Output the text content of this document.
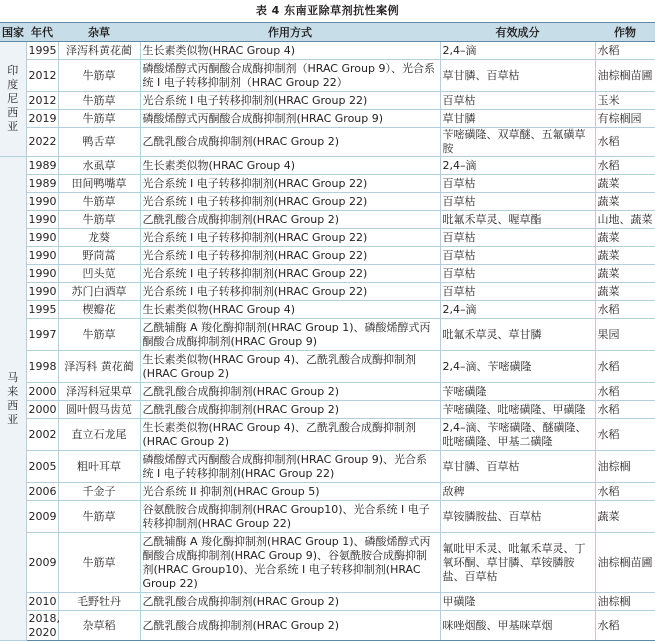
表 4 东南亚除草剂抗性案例
国家	年代	杂草	作用方式	有效成分	作物
印度尼西亚	1995	泽泻科黄花蔺	生长素类似物(HRAC Group 4)	2,4–滴	水稻
	2012	牛筋草	磷酸烯醇式丙酮酸合成酶抑制剂（HRAC Group 9）、光合系统 I 电子转移抑制剂（HRAC Group 22）	草甘膦、百草枯	油棕榈苗圃
	2012	牛筋草	光合系统 I 电子转移抑制剂(HRAC Group 22)	百草枯	玉米
	2019	牛筋草	磷酸烯醇式丙酮酸合成酶抑制剂(HRAC Group 9)	草甘膦	有棕榈园
	2022	鸭舌草	乙酰乳酸合成酶抑制剂(HRAC Group 2)	苄嘧磺隆、双草醚、五氟磺草胺	水稻
马来西亚	1989	水虱草	生长素类似物(HRAC Group 4)	2,4–滴	水稻
	1989	田间鸭嘴草	光合系统 I 电子转移抑制剂(HRAC Group 22)	百草枯	蔬菜
	1990	牛筋草	光合系统 I 电子转移抑制剂(HRAC Group 22)	百草枯	蔬菜
	1990	牛筋草	乙酰乳酸合成酶抑制剂(HRAC Group 2)	吡氟禾草灵、喔草酯	山地、蔬菜
	1990	龙葵	光合系统 I 电子转移抑制剂(HRAC Group 22)	百草枯	蔬菜
	1990	野茼蒿	光合系统 I 电子转移抑制剂(HRAC Group 22)	百草枯	蔬菜
	1990	凹头苋	光合系统 I 电子转移抑制剂(HRAC Group 22)	百草枯	蔬菜
	1990	苏门白酒草	光合系统 I 电子转移抑制剂(HRAC Group 22)	百草枯	蔬菜
	1995	楔瓣花	生长素类似物(HRAC Group 4)	2,4–滴	水稻
	1997	牛筋草	乙酰辅酶 A 羧化酶抑制剂(HRAC Group 1)、磷酸烯醇式丙酮酸合成酶抑制剂(HRAC Group 9)	吡氟禾草灵、草甘膦	果园
	1998	泽泻科 黄花蔺	生长素类似物(HRAC Group 4)、乙酰乳酸合成酶抑制剂(HRAC Group 2)	2,4–滴、苄嘧磺隆	水稻
	2000	泽泻科冠果草	乙酰乳酸合成酶抑制剂(HRAC Group 2)	苄嘧磺隆	水稻
	2000	圆叶假马齿苋	乙酰乳酸合成酶抑制剂(HRAC Group 2)	苄嘧磺隆、吡嘧磺隆、甲磺隆	水稻
	2002	直立石龙尾	生长素类似物(HRAC Group 4)、乙酰乳酸合成酶抑制剂(HRAC Group 2)	2,4–滴、苄嘧磺隆、醚磺隆、吡嘧磺隆、甲基二磺隆	水稻
	2005	粗叶耳草	磷酸烯醇式丙酮酸合成酶抑制剂(HRAC Group 9)、光合系统 I 电子转移抑制剂(HRAC Group 22)	草甘膦、百草枯	油棕榈
	2006	千金子	光合系统 II 抑制剂(HRAC Group 5)	敌稗	水稻
	2009	牛筋草	谷氨酰胺合成酶抑制剂(HRAC Group10)、光合系统 I 电子转移抑制剂(HRAC Group 22)	草铵膦胺盐、百草枯	蔬菜
	2009	牛筋草	乙酰辅酶 A 羧化酶抑制剂(HRAC Group 1)、磷酸烯醇式丙酮酸合成酶抑制剂(HRAC Group 9)、谷氨酰胺合成酶抑制剂(HRAC Group10)、光合系统 I 电子转移抑制剂(HRAC Group 22)	氟吡甲禾灵、吡氟禾草灵、丁氧环酮、草甘膦、草铵膦胺盐、百草枯	油棕榈苗圃
	2010	毛野牡丹	乙酰乳酸合成酶抑制剂(HRAC Group 2)	甲磺隆	油棕榈
	2018, 2020	杂草稻	乙酰乳酸合成酶抑制剂(HRAC Group 2)	咪唑烟酸、甲基咪草烟	水稻
